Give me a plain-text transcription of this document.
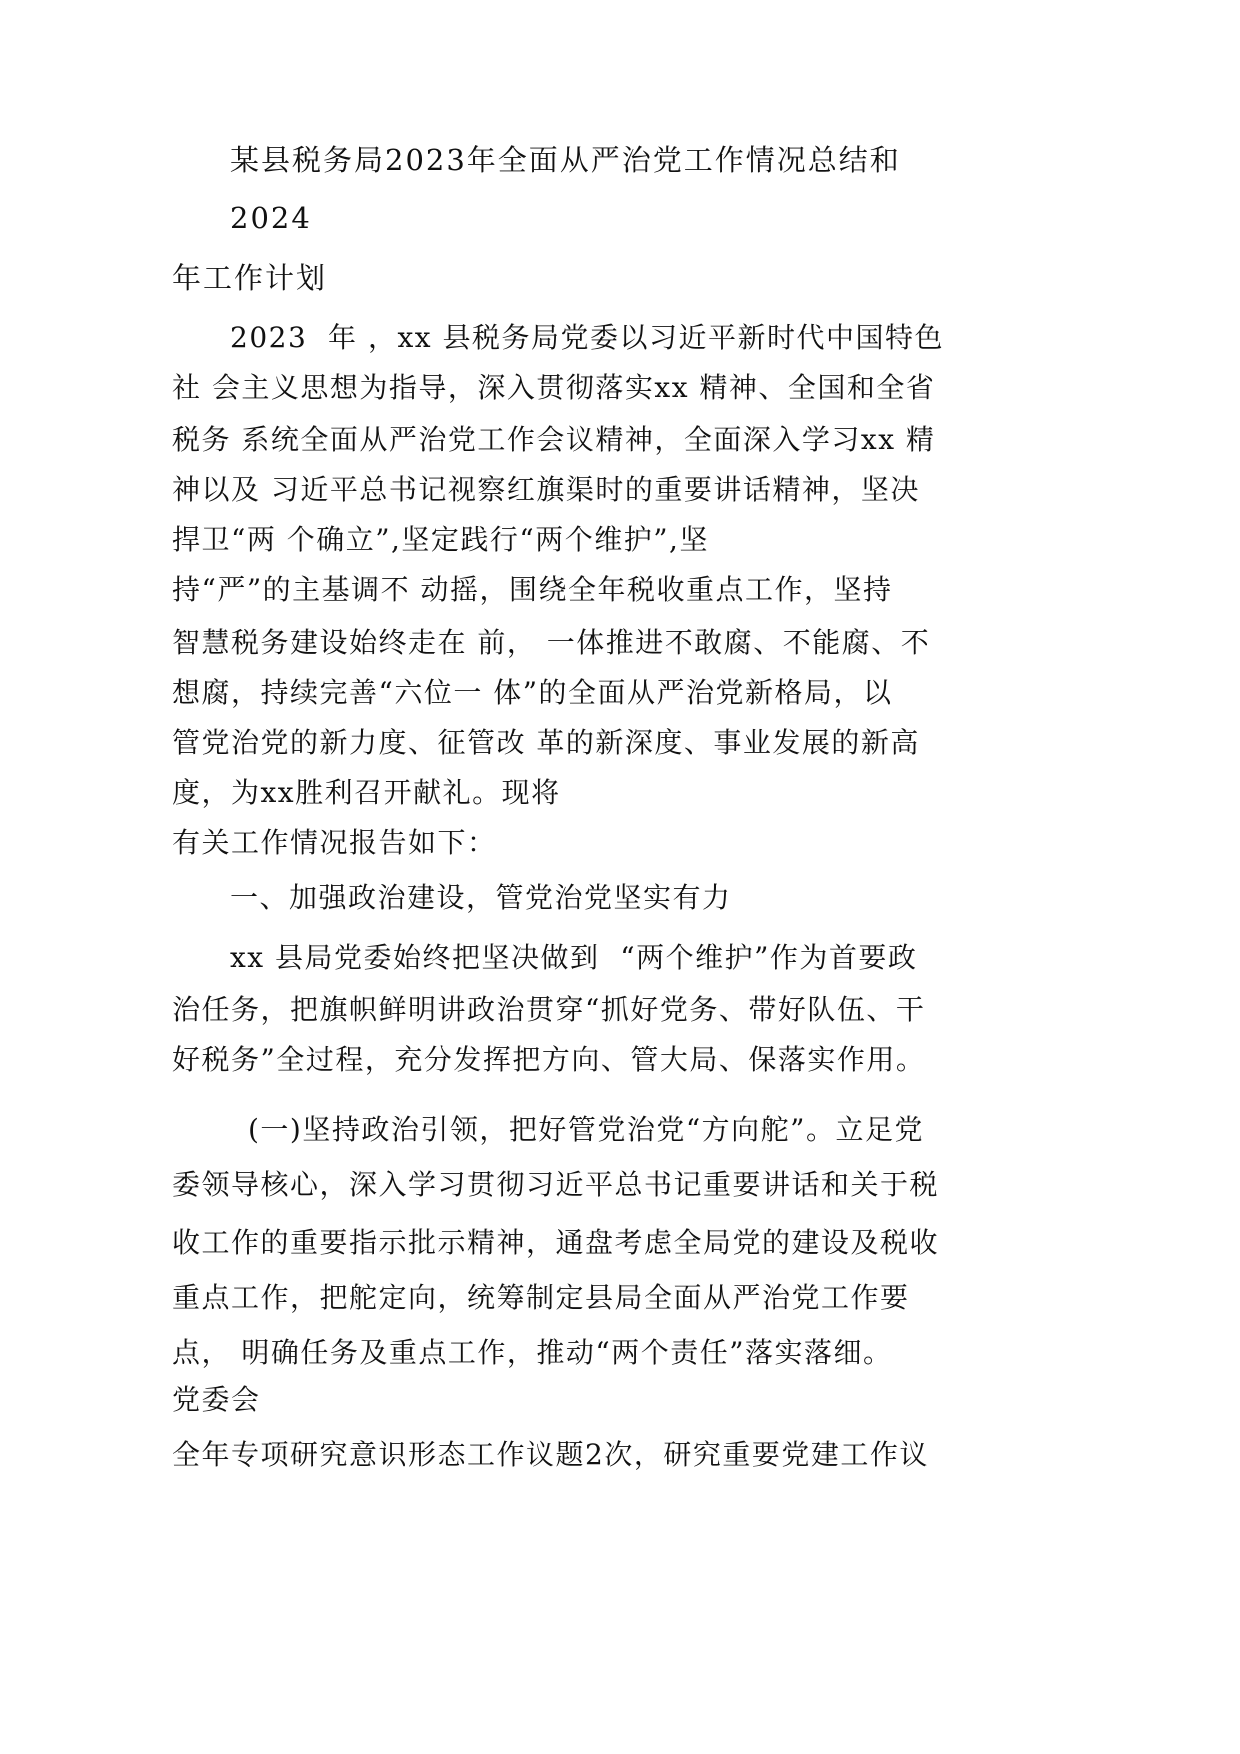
某县税务局2023年全面从严治党工作情况总结和
2024
年工作计划
2023  年 ，xx 县税务局党委以习近平新时代中国特色
社 会主义思想为指导，深入贯彻落实xx 精神、全国和全省
税务 系统全面从严治党工作会议精神，全面深入学习xx 精
神以及 习近平总书记视察红旗渠时的重要讲话精神，坚决
捍卫“两 个确立”,坚定践行“两个维护”,坚
持“严”的主基调不 动摇，围绕全年税收重点工作，坚持
智慧税务建设始终走在 前， 一体推进不敢腐、不能腐、不
想腐，持续完善“六位一 体”的全面从严治党新格局，以
管党治党的新力度、征管改 革的新深度、事业发展的新高
度，为xx胜利召开献礼。现将
有关工作情况报告如下：
一、加强政治建设，管党治党坚实有力
xx 县局党委始终把坚决做到  “两个维护”作为首要政
治任务，把旗帜鲜明讲政治贯穿“抓好党务、带好队伍、干
好税务”全过程，充分发挥把方向、管大局、保落实作用。
(一)坚持政治引领，把好管党治党“方向舵”。立足党
委领导核心，深入学习贯彻习近平总书记重要讲话和关于税
收工作的重要指示批示精神，通盘考虑全局党的建设及税收
重点工作，把舵定向，统筹制定县局全面从严治党工作要
点， 明确任务及重点工作，推动“两个责任”落实落细。
党委会
全年专项研究意识形态工作议题2次，研究重要党建工作议
